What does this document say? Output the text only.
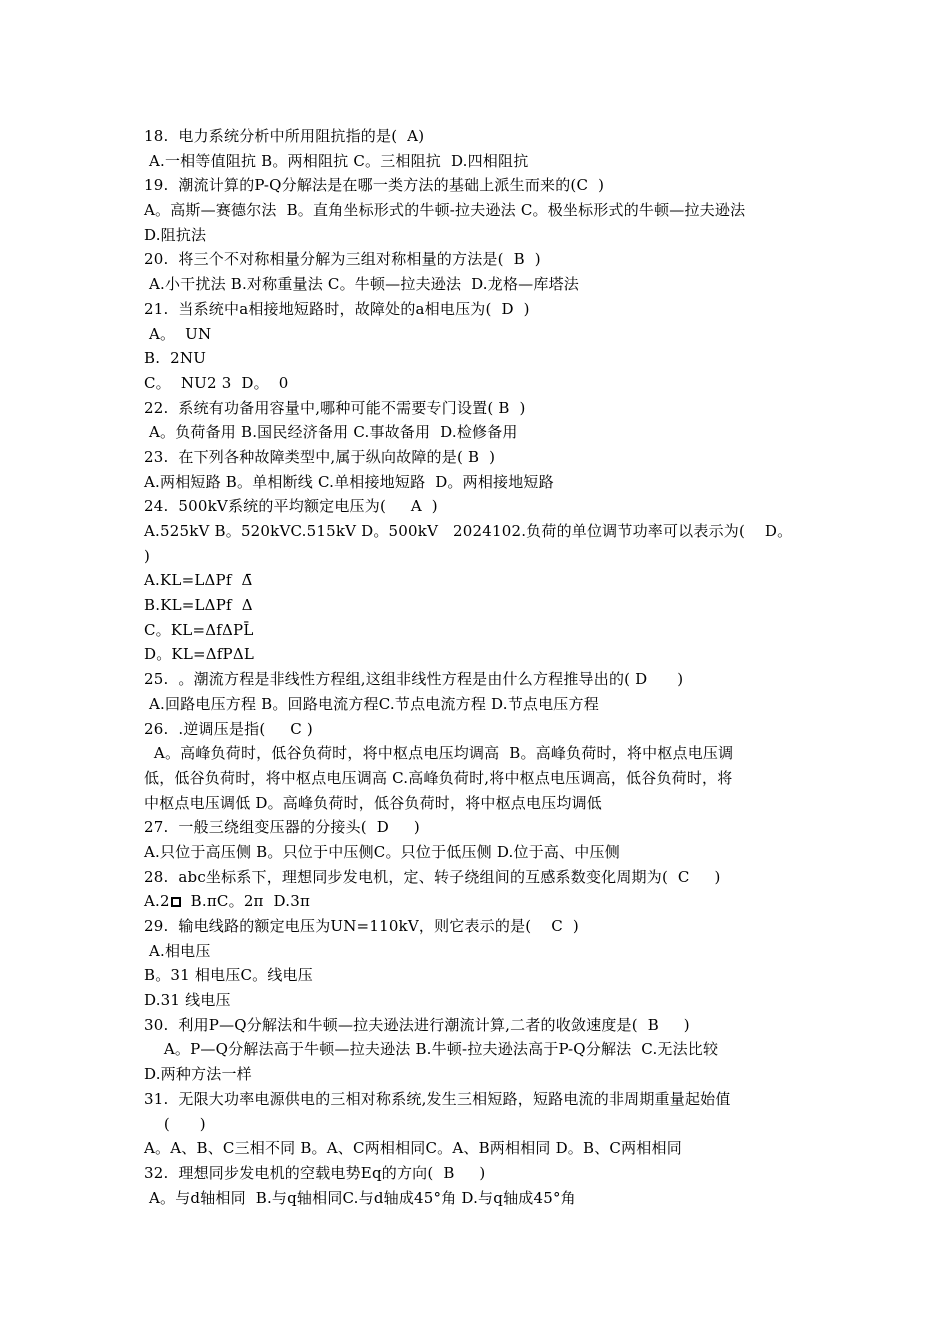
18.  电力系统分析中所用阻抗指的是(  A)
A.一相等值阻抗 B。两相阻抗 C。三相阻抗  D.四相阻抗
19.  潮流计算的P-Q分解法是在哪一类方法的基础上派生而来的(C  )
A。高斯—赛德尔法  B。直角坐标形式的牛顿-拉夫逊法 C。极坐标形式的牛顿—拉夫逊法
D.阻抗法
20.  将三个不对称相量分解为三组对称相量的方法是(  B  )
A.小干扰法 B.对称重量法 C。牛顿—拉夫逊法  D.龙格—库塔法
21.  当系统中a相接地短路时，故障处的a相电压为(  D  )
A。  UN
B.  2NU
C。  NU2 3  D。  0
22.  系统有功备用容量中,哪种可能不需要专门设置( B  )
A。负荷备用 B.国民经济备用 C.事故备用  D.检修备用
23.  在下列各种故障类型中,属于纵向故障的是( B  )
A.两相短路 B。单相断线 C.单相接地短路  D。两相接地短路
24.  500kV系统的平均额定电压为(     A  )
A.525kV B。520kVC.515kV D。500kV   2024102.负荷的单位调节功率可以表示为(    D。
)
A.KL=LΔPf  Δ̄
B.KL=LΔPf  Δ
C。KL=ΔfΔPL̄
D。KL=ΔfPΔL
25.  。潮流方程是非线性方程组,这组非线性方程是由什么方程推导出的( D      )
A.回路电压方程 B。回路电流方程C.节点电流方程 D.节点电压方程
26.  .逆调压是指(     C )
A。高峰负荷时，低谷负荷时，将中枢点电压均调高  B。高峰负荷时，将中枢点电压调
低，低谷负荷时，将中枢点电压调高 C.高峰负荷时,将中枢点电压调高，低谷负荷时，将
中枢点电压调低 D。高峰负荷时，低谷负荷时，将中枢点电压均调低
27.  一般三绕组变压器的分接头(  D     )
A.只位于高压侧 B。只位于中压侧C。只位于低压侧 D.位于高、中压侧
28.  abc坐标系下，理想同步发电机，定、转子绕组间的互感系数变化周期为(  C     )
A.2  B.πC。2π  D.3π
29.  输电线路的额定电压为UN=110kV，则它表示的是(    C  )
A.相电压
B。31 相电压C。线电压
D.31 线电压
30.  利用P—Q分解法和牛顿—拉夫逊法进行潮流计算,二者的收敛速度是(  B     )
A。P—Q分解法高于牛顿—拉夫逊法 B.牛顿-拉夫逊法高于P-Q分解法  C.无法比较
D.两种方法一样
31.  无限大功率电源供电的三相对称系统,发生三相短路，短路电流的非周期重量起始值
(      )
A。A、B、C三相不同 B。A、C两相相同C。A、B两相相同 D。B、C两相相同
32.  理想同步发电机的空载电势Eq的方向(  B     )
A。与d轴相同  B.与q轴相同C.与d轴成45°角 D.与q轴成45°角
